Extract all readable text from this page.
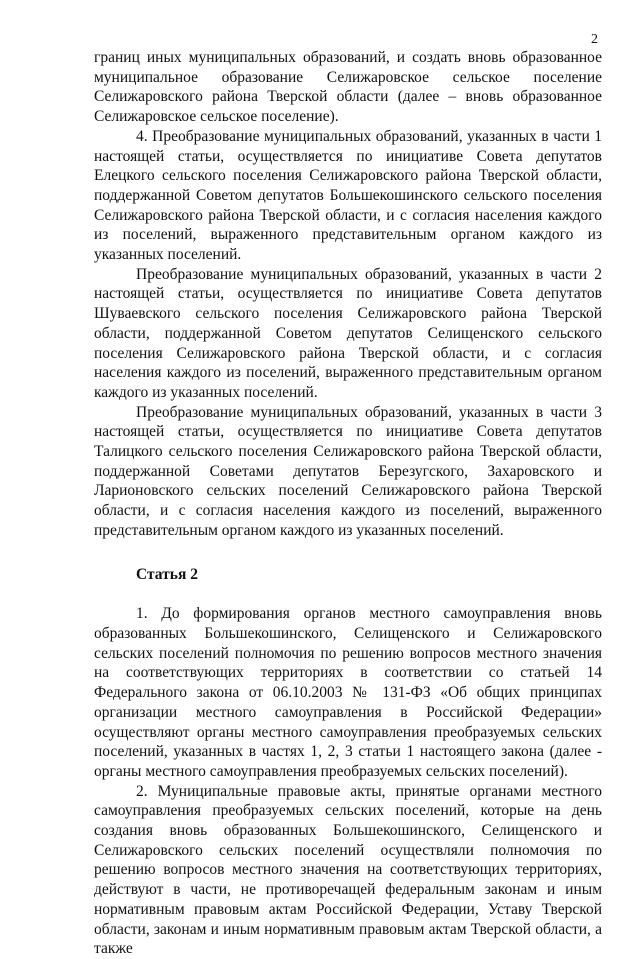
2

границ иных муниципальных образований, и создать вновь образованное муниципальное образование Селижаровское сельское поселение Селижаровского района Тверской области (далее – вновь образованное Селижаровское сельское поселение).

4. Преобразование муниципальных образований, указанных в части 1 настоящей статьи, осуществляется по инициативе Совета депутатов Елецкого сельского поселения Селижаровского района Тверской области, поддержанной Советом депутатов Большекошинского сельского поселения Селижаровского района Тверской области, и с согласия населения каждого из поселений, выраженного представительным органом каждого из указанных поселений.

Преобразование муниципальных образований, указанных в части 2 настоящей статьи, осуществляется по инициативе Совета депутатов Шуваевского сельского поселения Селижаровского района Тверской области, поддержанной Советом депутатов Селищенского сельского поселения Селижаровского района Тверской области, и с согласия населения каждого из поселений, выраженного представительным органом каждого из указанных поселений.

Преобразование муниципальных образований, указанных в части 3 настоящей статьи, осуществляется по инициативе Совета депутатов Талицкого сельского поселения Селижаровского района Тверской области, поддержанной Советами депутатов Березугского, Захаровского и Ларионовского сельских поселений Селижаровского района Тверской области, и с согласия населения каждого из поселений, выраженного представительным органом каждого из указанных поселений.

Статья 2

1. До формирования органов местного самоуправления вновь образованных Большекошинского, Селищенского и Селижаровского сельских поселений полномочия по решению вопросов местного значения на соответствующих территориях в соответствии со статьей 14 Федерального закона от 06.10.2003 № 131-ФЗ «Об общих принципах организации местного самоуправления в Российской Федерации» осуществляют органы местного самоуправления преобразуемых сельских поселений, указанных в частях 1, 2, 3 статьи 1 настоящего закона (далее - органы местного самоуправления преобразуемых сельских поселений).

2. Муниципальные правовые акты, принятые органами местного самоуправления преобразуемых сельских поселений, которые на день создания вновь образованных Большекошинского, Селищенского и Селижаровского сельских поселений осуществляли полномочия по решению вопросов местного значения на соответствующих территориях, действуют в части, не противоречащей федеральным законам и иным нормативным правовым актам Российской Федерации, Уставу Тверской области, законам и иным нормативным правовым актам Тверской области, а также
